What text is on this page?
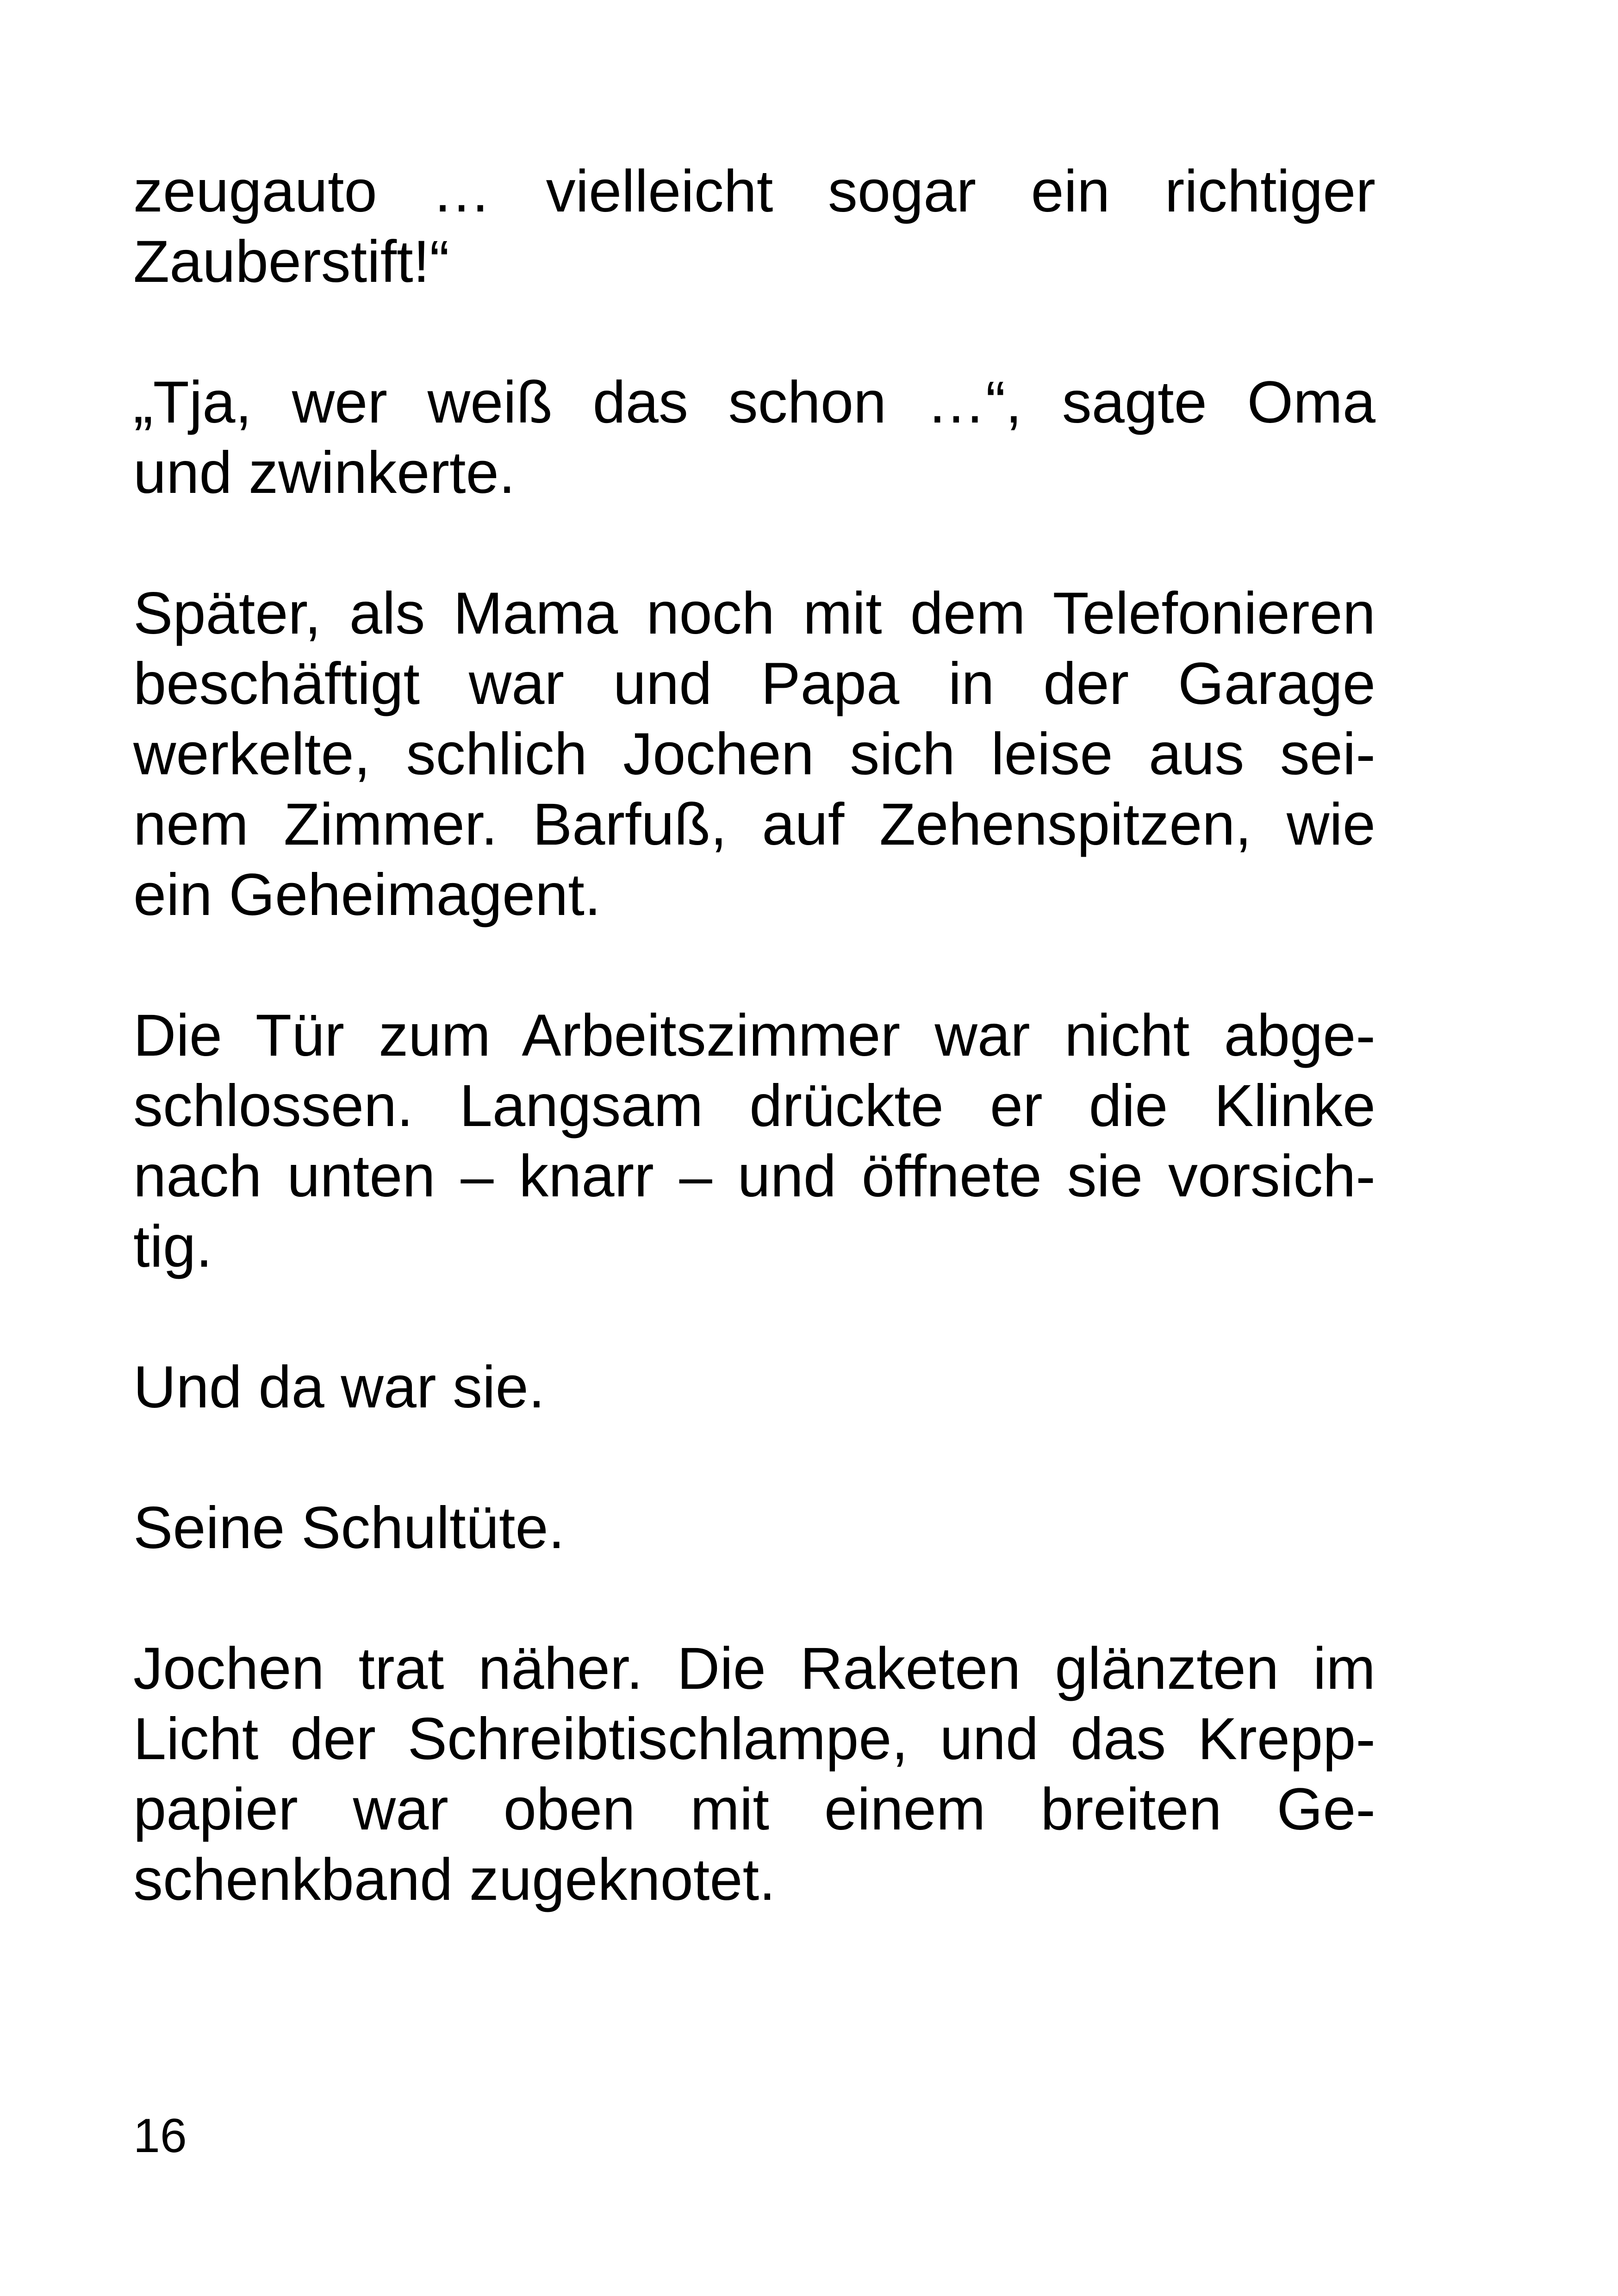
zeugauto … vielleicht sogar ein richtiger
Zauberstift!“
„Tja, wer weiß das schon …“, sagte Oma
und zwinkerte.
Später, als Mama noch mit dem Telefonieren
beschäftigt war und Papa in der Garage
werkelte, schlich Jochen sich leise aus sei-
nem Zimmer. Barfuß, auf Zehenspitzen, wie
ein Geheimagent.
Die Tür zum Arbeitszimmer war nicht abge-
schlossen. Langsam drückte er die Klinke
nach unten – knarr – und öffnete sie vorsich-
tig.
Und da war sie.
Seine Schultüte.
Jochen trat näher. Die Raketen glänzten im
Licht der Schreibtischlampe, und das Krepp-
papier war oben mit einem breiten Ge-
schenkband zugeknotet.
16
